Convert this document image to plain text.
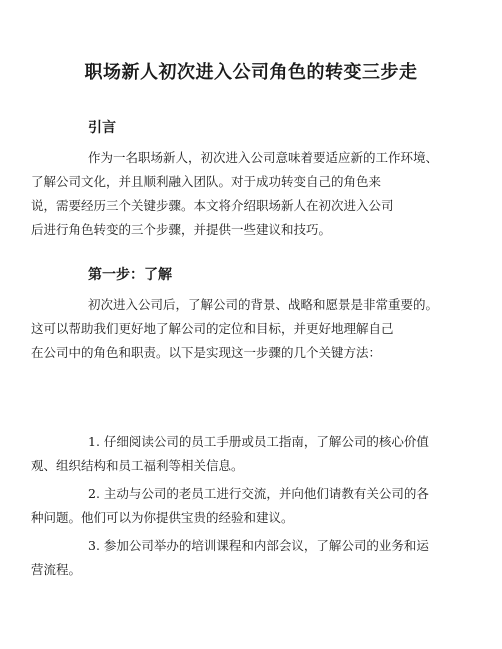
职场新人初次进入公司角色的转变三步走
引言

作为一名职场新人，初次进入公司意味着要适应新的工作环境、
了解公司文化，并且顺利融入团队。对于成功转变自己的角色来
说，需要经历三个关键步骤。本文将介绍职场新人在初次进入公司
后进行角色转变的三个步骤，并提供一些建议和技巧。

第一步：了解

初次进入公司后，了解公司的背景、战略和愿景是非常重要的。
这可以帮助我们更好地了解公司的定位和目标，并更好地理解自己
在公司中的角色和职责。以下是实现这一步骤的几个关键方法：

1. 仔细阅读公司的员工手册或员工指南，了解公司的核心价值
观、组织结构和员工福利等相关信息。
2. 主动与公司的老员工进行交流，并向他们请教有关公司的各
种问题。他们可以为你提供宝贵的经验和建议。
3. 参加公司举办的培训课程和内部会议，了解公司的业务和运
营流程。
